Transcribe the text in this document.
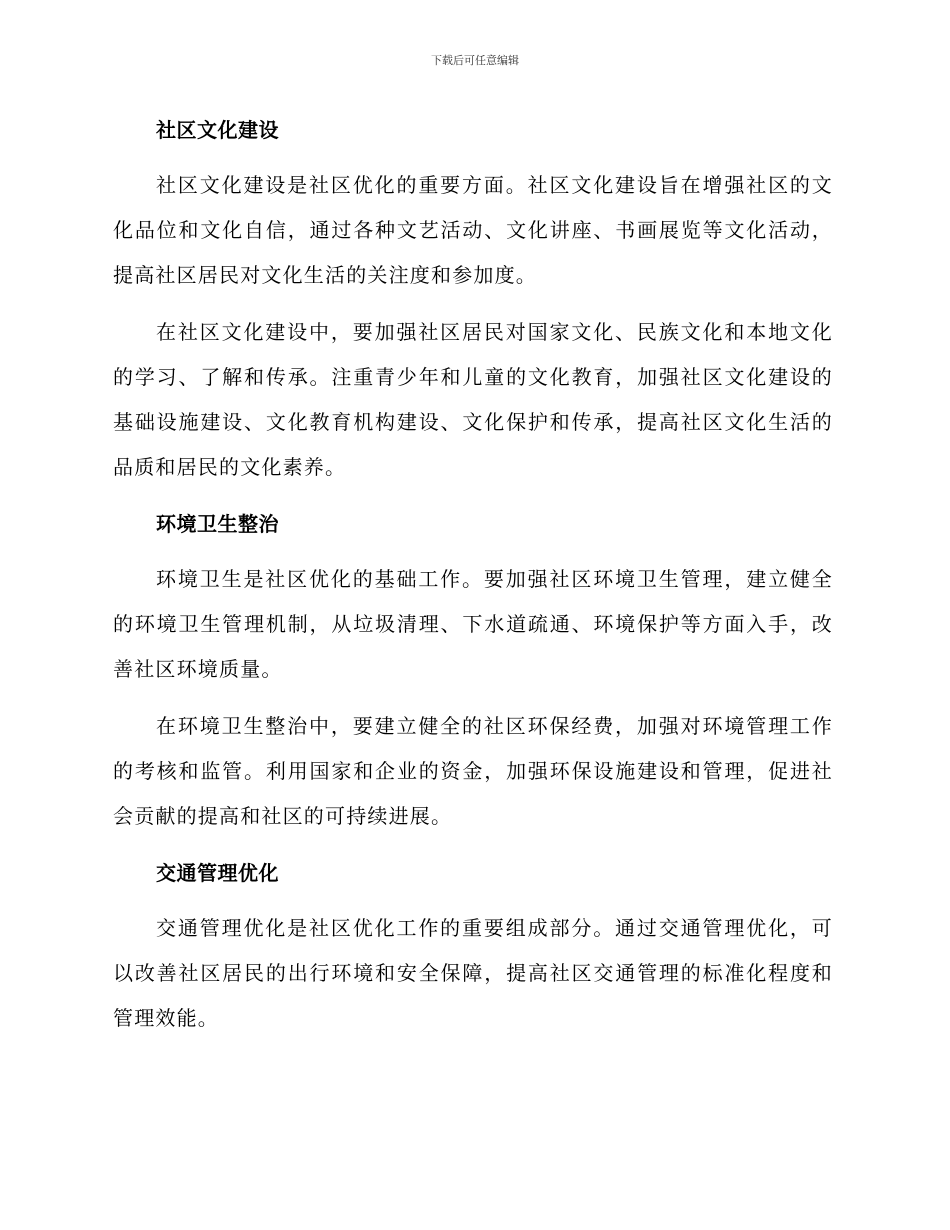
下载后可任意编辑
社区文化建设

社区文化建设是社区优化的重要方面。社区文化建设旨在增强社区的文化品位和文化自信，通过各种文艺活动、文化讲座、书画展览等文化活动，提高社区居民对文化生活的关注度和参加度。

在社区文化建设中，要加强社区居民对国家文化、民族文化和本地文化的学习、了解和传承。注重青少年和儿童的文化教育，加强社区文化建设的基础设施建设、文化教育机构建设、文化保护和传承，提高社区文化生活的品质和居民的文化素养。

环境卫生整治

环境卫生是社区优化的基础工作。要加强社区环境卫生管理，建立健全的环境卫生管理机制，从垃圾清理、下水道疏通、环境保护等方面入手，改善社区环境质量。

在环境卫生整治中，要建立健全的社区环保经费，加强对环境管理工作的考核和监管。利用国家和企业的资金，加强环保设施建设和管理，促进社会贡献的提高和社区的可持续进展。

交通管理优化

交通管理优化是社区优化工作的重要组成部分。通过交通管理优化，可以改善社区居民的出行环境和安全保障，提高社区交通管理的标准化程度和管理效能。
